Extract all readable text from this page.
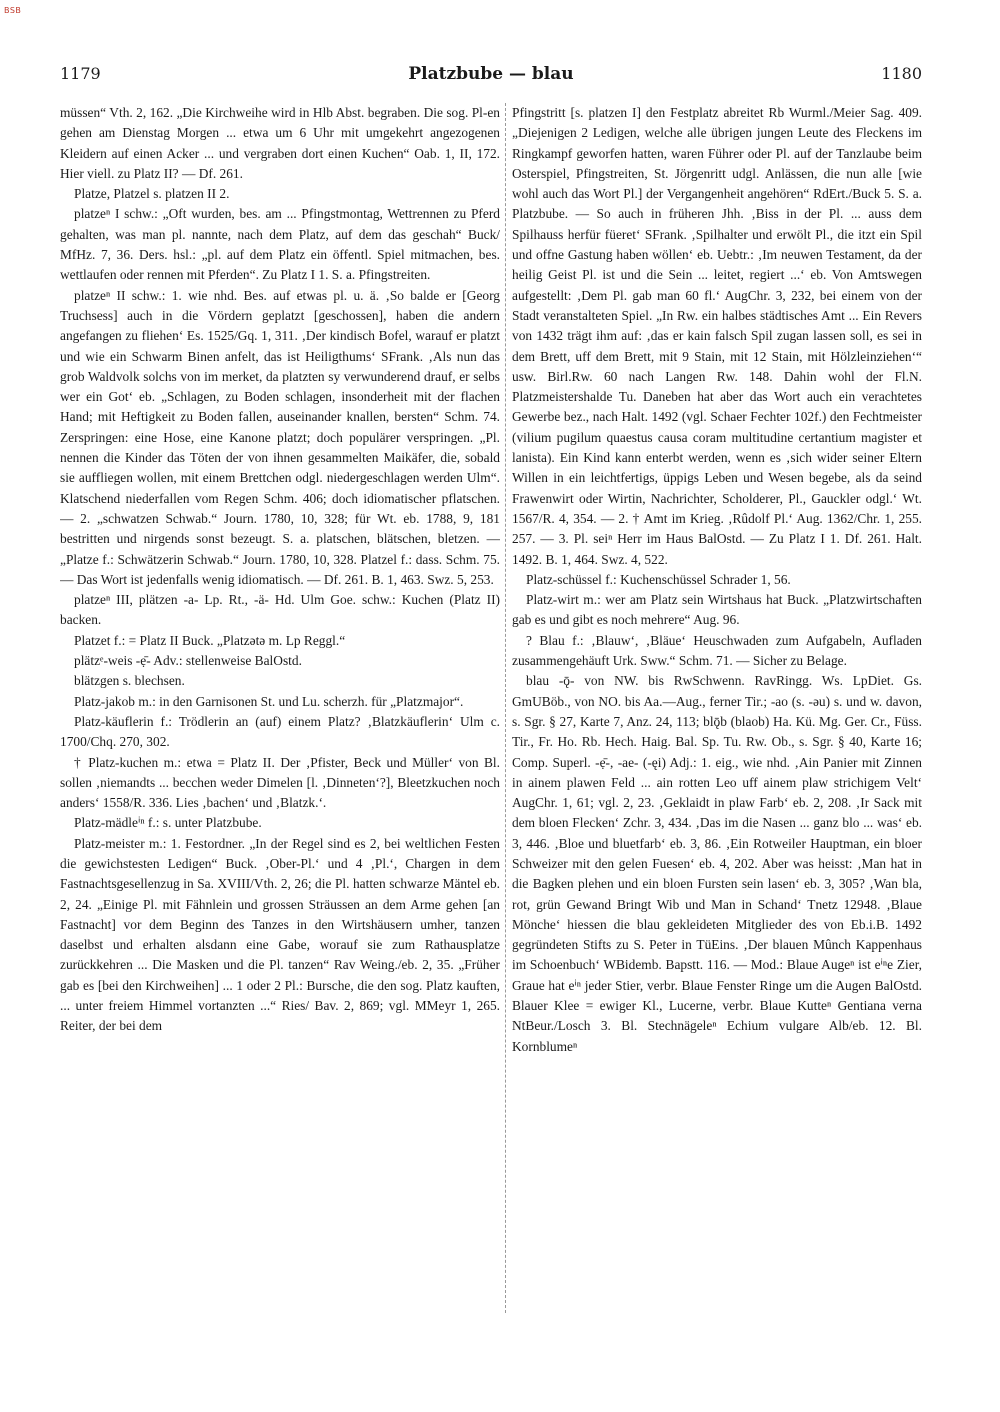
BSB
1179	Platzbube — blau	1180

müssen“ Vth. 2, 162. „Die Kirchweihe wird in Hlb Abst. begraben. Die sog. Pl-en gehen am Dienstag Morgen ... etwa um 6 Uhr mit umgekehrt angezogenen Kleidern auf einen Acker ... und vergraben dort einen Kuchen“ Oab. 1, II, 172. Hier viell. zu Platz II? — Df. 261.

Platze, Platzel s. platzen II 2.

platzeⁿ I schw.: „Oft wurden, bes. am ... Pfingstmontag, Wettrennen zu Pferd gehalten, was man pl. nannte, nach dem Platz, auf dem das geschah“ Buck/ MfHz. 7, 36. Ders. hsl.: „pl. auf dem Platz ein öffentl. Spiel mitmachen, bes. wettlaufen oder rennen mit Pferden“. Zu Platz I 1. S. a. Pfingstreiten.

platzeⁿ II schw.: 1. wie nhd. Bes. auf etwas pl. u. ä. ‚So balde er [Georg Truchsess] auch in die Vördern geplatzt [geschossen], haben die andern angefangen zu fliehen‘ Es. 1525/Gq. 1, 311. ‚Der kindisch Bofel, warauf er platzt und wie ein Schwarm Binen anfelt, das ist Heiligthums‘ SFrank. ‚Als nun das grob Waldvolk solchs von im merket, da platzten sy verwunderend drauf, er selbs wer ein Got‘ eb. „Schlagen, zu Boden schlagen, insonderheit mit der flachen Hand; mit Heftigkeit zu Boden fallen, auseinander knallen, bersten“ Schm. 74. Zerspringen: eine Hose, eine Kanone platzt; doch populärer verspringen. „Pl. nennen die Kinder das Töten der von ihnen gesammelten Maikäfer, die, sobald sie auffliegen wollen, mit einem Brettchen odgl. niedergeschlagen werden Ulm“. Klatschend niederfallen vom Regen Schm. 406; doch idiomatischer pflatschen. — 2. „schwatzen Schwab.“ Journ. 1780, 10, 328; für Wt. eb. 1788, 9, 181 bestritten und nirgends sonst bezeugt. S. a. platschen, blätschen, bletzen. — „Platze f.: Schwätzerin Schwab.“ Journ. 1780, 10, 328. Platzel f.: dass. Schm. 75. — Das Wort ist jedenfalls wenig idiomatisch. — Df. 261. B. 1, 463. Swz. 5, 253.

platzeⁿ III, plätzen -a- Lp. Rt., -ä- Hd. Ulm Goe. schw.: Kuchen (Platz II) backen.

Platzet f.: = Platz II Buck. „Platzətə m. Lp Reggl.“

plätzᵉ-weis -ẹ̄- Adv.: stellenweise BalOstd.

blätzgen s. blechsen.

Platz-jakob m.: in den Garnisonen St. und Lu. scherzh. für „Platzmajor“.

Platz-käuflerin f.: Trödlerin an (auf) einem Platz? ‚Blatzkäuflerin‘ Ulm c. 1700/Chq. 270, 302.

† Platz-kuchen m.: etwa = Platz II. Der ‚Pfister, Beck und Müller‘ von Bl. sollen ‚niemandts ... becchen weder Dimelen [l. ‚Dinneten‘?], Bleetzkuchen noch anders‘ 1558/R. 336. Lies ‚bachen‘ und ‚Blatzk.‘.

Platz-mädleⁱⁿ f.: s. unter Platzbube.

Platz-meister m.: 1. Festordner. „In der Regel sind es 2, bei weltlichen Festen die gewichstesten Ledigen“ Buck. ‚Ober-Pl.‘ und 4 ‚Pl.‘, Chargen in dem Fastnachtsgesellenzug in Sa. XVIII/Vth. 2, 26; die Pl. hatten schwarze Mäntel eb. 2, 24. „Einige Pl. mit Fähnlein und grossen Sträussen an dem Arme gehen [an Fastnacht] vor dem Beginn des Tanzes in den Wirtshäusern umher, tanzen daselbst und erhalten alsdann eine Gabe, worauf sie zum Rathausplatze zurückkehren ... Die Masken und die Pl. tanzen“ Rav Weing./eb. 2, 35. „Früher gab es [bei den Kirchweihen] ... 1 oder 2 Pl.: Bursche, die den sog. Platz kauften, ... unter freiem Himmel vortanzten ...“ Ries/ Bav. 2, 869; vgl. MMeyr 1, 265. Reiter, der bei dem

Pfingstritt [s. platzen I] den Festplatz abreitet Rb Wurml./Meier Sag. 409. „Diejenigen 2 Ledigen, welche alle übrigen jungen Leute des Fleckens im Ringkampf geworfen hatten, waren Führer oder Pl. auf der Tanzlaube beim Osterspiel, Pfingstreiten, St. Jörgenritt udgl. Anlässen, die nun alle [wie wohl auch das Wort Pl.] der Vergangenheit angehören“ RdErt./Buck 5. S. a. Platzbube. — So auch in früheren Jhh. ‚Biss in der Pl. ... auss dem Spilhauss herfür füeret‘ SFrank. ‚Spilhalter und erwölt Pl., die itzt ein Spil und offne Gastung haben wöllen‘ eb. Uebtr.: ‚Im neuwen Testament, da der heilig Geist Pl. ist und die Sein ... leitet, regiert ...‘ eb. Von Amtswegen aufgestellt: ‚Dem Pl. gab man 60 fl.‘ AugChr. 3, 232, bei einem von der Stadt veranstalteten Spiel. „In Rw. ein halbes städtisches Amt ... Ein Revers von 1432 trägt ihm auf: ‚das er kain falsch Spil zugan lassen soll, es sei in dem Brett, uff dem Brett, mit 9 Stain, mit 12 Stain, mit Hölzleinziehen‘“ usw. Birl.Rw. 60 nach Langen Rw. 148. Dahin wohl der Fl.N. Platzmeistershalde Tu. Daneben hat aber das Wort auch ein verachtetes Gewerbe bez., nach Halt. 1492 (vgl. Schaer Fechter 102f.) den Fechtmeister (vilium pugilum quaestus causa coram multitudine certantium magister et lanista). Ein Kind kann enterbt werden, wenn es ‚sich wider seiner Eltern Willen in ein leichtfertigs, üppigs Leben und Wesen begebe, als da seind Frawenwirt oder Wirtin, Nachrichter, Scholderer, Pl., Gauckler odgl.‘ Wt. 1567/R. 4, 354. — 2. † Amt im Krieg. ‚Rûdolf Pl.‘ Aug. 1362/Chr. 1, 255. 257. — 3. Pl. seiⁿ Herr im Haus BalOstd. — Zu Platz I 1. Df. 261. Halt. 1492. B. 1, 464. Swz. 4, 522.

Platz-schüssel f.: Kuchenschüssel Schrader 1, 56.

Platz-wirt m.: wer am Platz sein Wirtshaus hat Buck. „Platzwirtschaften gab es und gibt es noch mehrere“ Aug. 96.

? Blau f.: ‚Blauw‘, ‚Bläue‘ Heuschwaden zum Aufgabeln, Aufladen zusammengehäuft Urk. Sww.“ Schm. 71. — Sicher zu Belage.

blau -ǭ- von NW. bis RwSchwenn. RavRingg. Ws. LpDiet. Gs. GmUBöb., von NO. bis Aa.—Aug., ferner Tir.; -ao (s. -əu) s. und w. davon, s. Sgr. § 27, Karte 7, Anz. 24, 113; blǭb (blaob) Ha. Kü. Mg. Ger. Cr., Füss. Tir., Fr. Ho. Rb. Hech. Haig. Bal. Sp. Tu. Rw. Ob., s. Sgr. § 40, Karte 16; Comp. Superl. -ẹ̄-, -ae- (-ęi) Adj.: 1. eig., wie nhd. ‚Ain Panier mit Zinnen in ainem plawen Feld ... ain rotten Leo uff ainem plaw strichigem Velt‘ AugChr. 1, 61; vgl. 2, 23. ‚Geklaidt in plaw Farb‘ eb. 2, 208. ‚Ir Sack mit dem bloen Flecken‘ Zchr. 3, 434. ‚Das im die Nasen ... ganz blo ... was‘ eb. 3, 446. ‚Bloe und bluetfarb‘ eb. 3, 86. ‚Ein Rotweiler Hauptman, ein bloer Schweizer mit den gelen Fuesen‘ eb. 4, 202. Aber was heisst: ‚Man hat in die Bagken plehen und ein bloen Fursten sein lasen‘ eb. 3, 305? ‚Wan bla, rot, grün Gewand Bringt Wib und Man in Schand‘ Tnetz 12948. ‚Blaue Mönche‘ hiessen die blau gekleideten Mitglieder des von Eb.i.B. 1492 gegründeten Stifts zu S. Peter in TüEins. ‚Der blauen Mûnch Kappenhaus im Schoenbuch‘ WBidemb. Bapstt. 116. — Mod.: Blaue Augeⁿ ist eⁱⁿe Zier, Graue hat eⁱⁿ jeder Stier, verbr. Blaue Fenster Ringe um die Augen BalOstd. Blauer Klee = ewiger Kl., Lucerne, verbr. Blaue Kutteⁿ Gentiana verna NtBeur./Losch 3. Bl. Stechnägeleⁿ Echium vulgare Alb/eb. 12. Bl. Kornblumeⁿ
